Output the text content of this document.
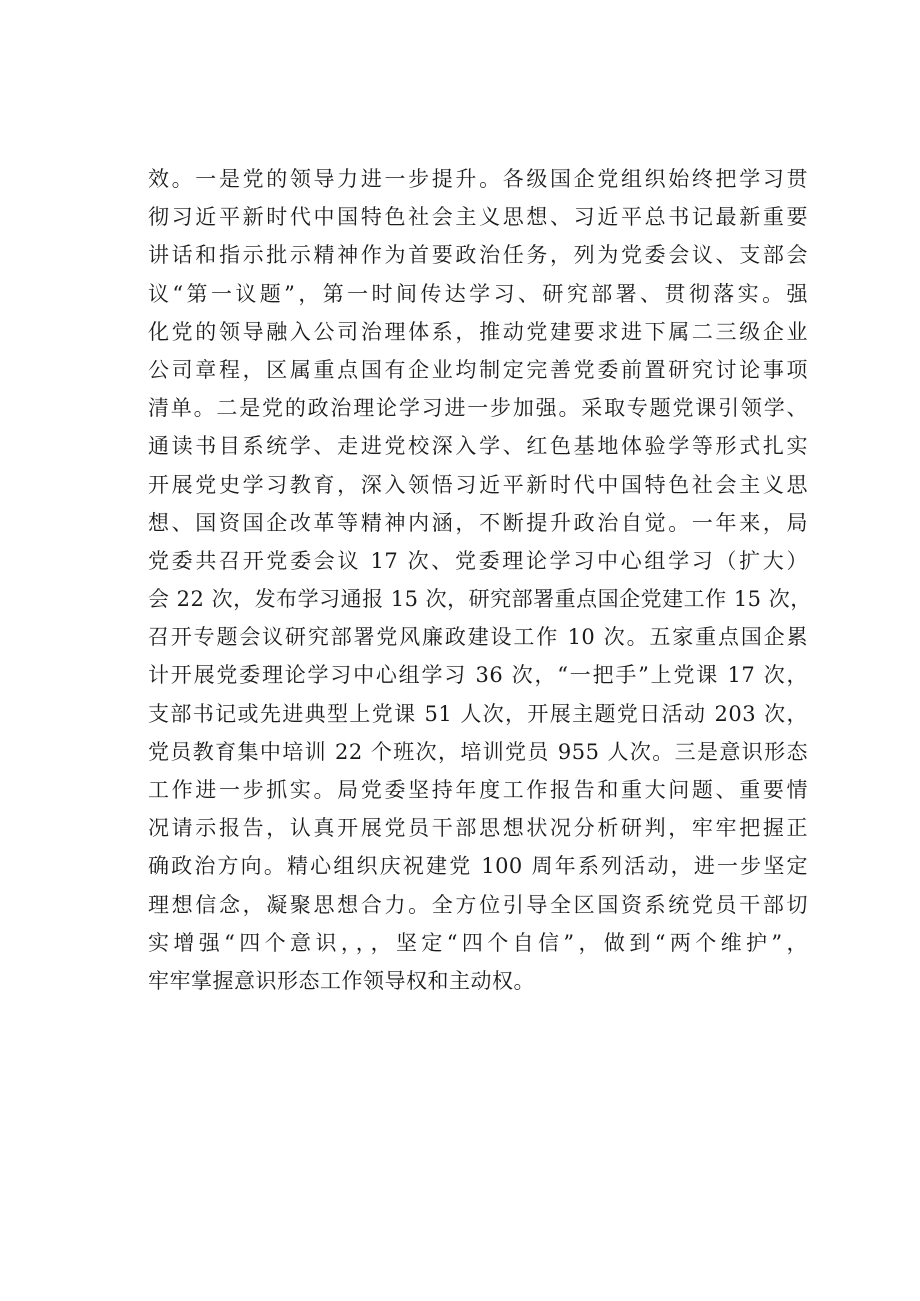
效。一是党的领导力进一步提升。各级国企党组织始终把学习贯
彻习近平新时代中国特色社会主义思想、习近平总书记最新重要
讲话和指示批示精神作为首要政治任务，列为党委会议、支部会
议“第一议题”，第一时间传达学习、研究部署、贯彻落实。强
化党的领导融入公司治理体系，推动党建要求进下属二三级企业
公司章程，区属重点国有企业均制定完善党委前置研究讨论事项
清单。二是党的政治理论学习进一步加强。采取专题党课引领学、
通读书目系统学、走进党校深入学、红色基地体验学等形式扎实
开展党史学习教育，深入领悟习近平新时代中国特色社会主义思
想、国资国企改革等精神内涵，不断提升政治自觉。一年来，局
党委共召开党委会议 17 次、党委理论学习中心组学习（扩大）
会 22 次，发布学习通报 15 次，研究部署重点国企党建工作 15 次，
召开专题会议研究部署党风廉政建设工作 10 次。五家重点国企累
计开展党委理论学习中心组学习 36 次，“一把手”上党课 17 次，
支部书记或先进典型上党课 51 人次，开展主题党日活动 203 次，
党员教育集中培训 22 个班次，培训党员 955 人次。三是意识形态
工作进一步抓实。局党委坚持年度工作报告和重大问题、重要情
况请示报告，认真开展党员干部思想状况分析研判，牢牢把握正
确政治方向。精心组织庆祝建党 100 周年系列活动，进一步坚定
理想信念，凝聚思想合力。全方位引导全区国资系统党员干部切
实增强“四个意识，，，坚定“四个自信”，做到“两个维护”，
牢牢掌握意识形态工作领导权和主动权。
